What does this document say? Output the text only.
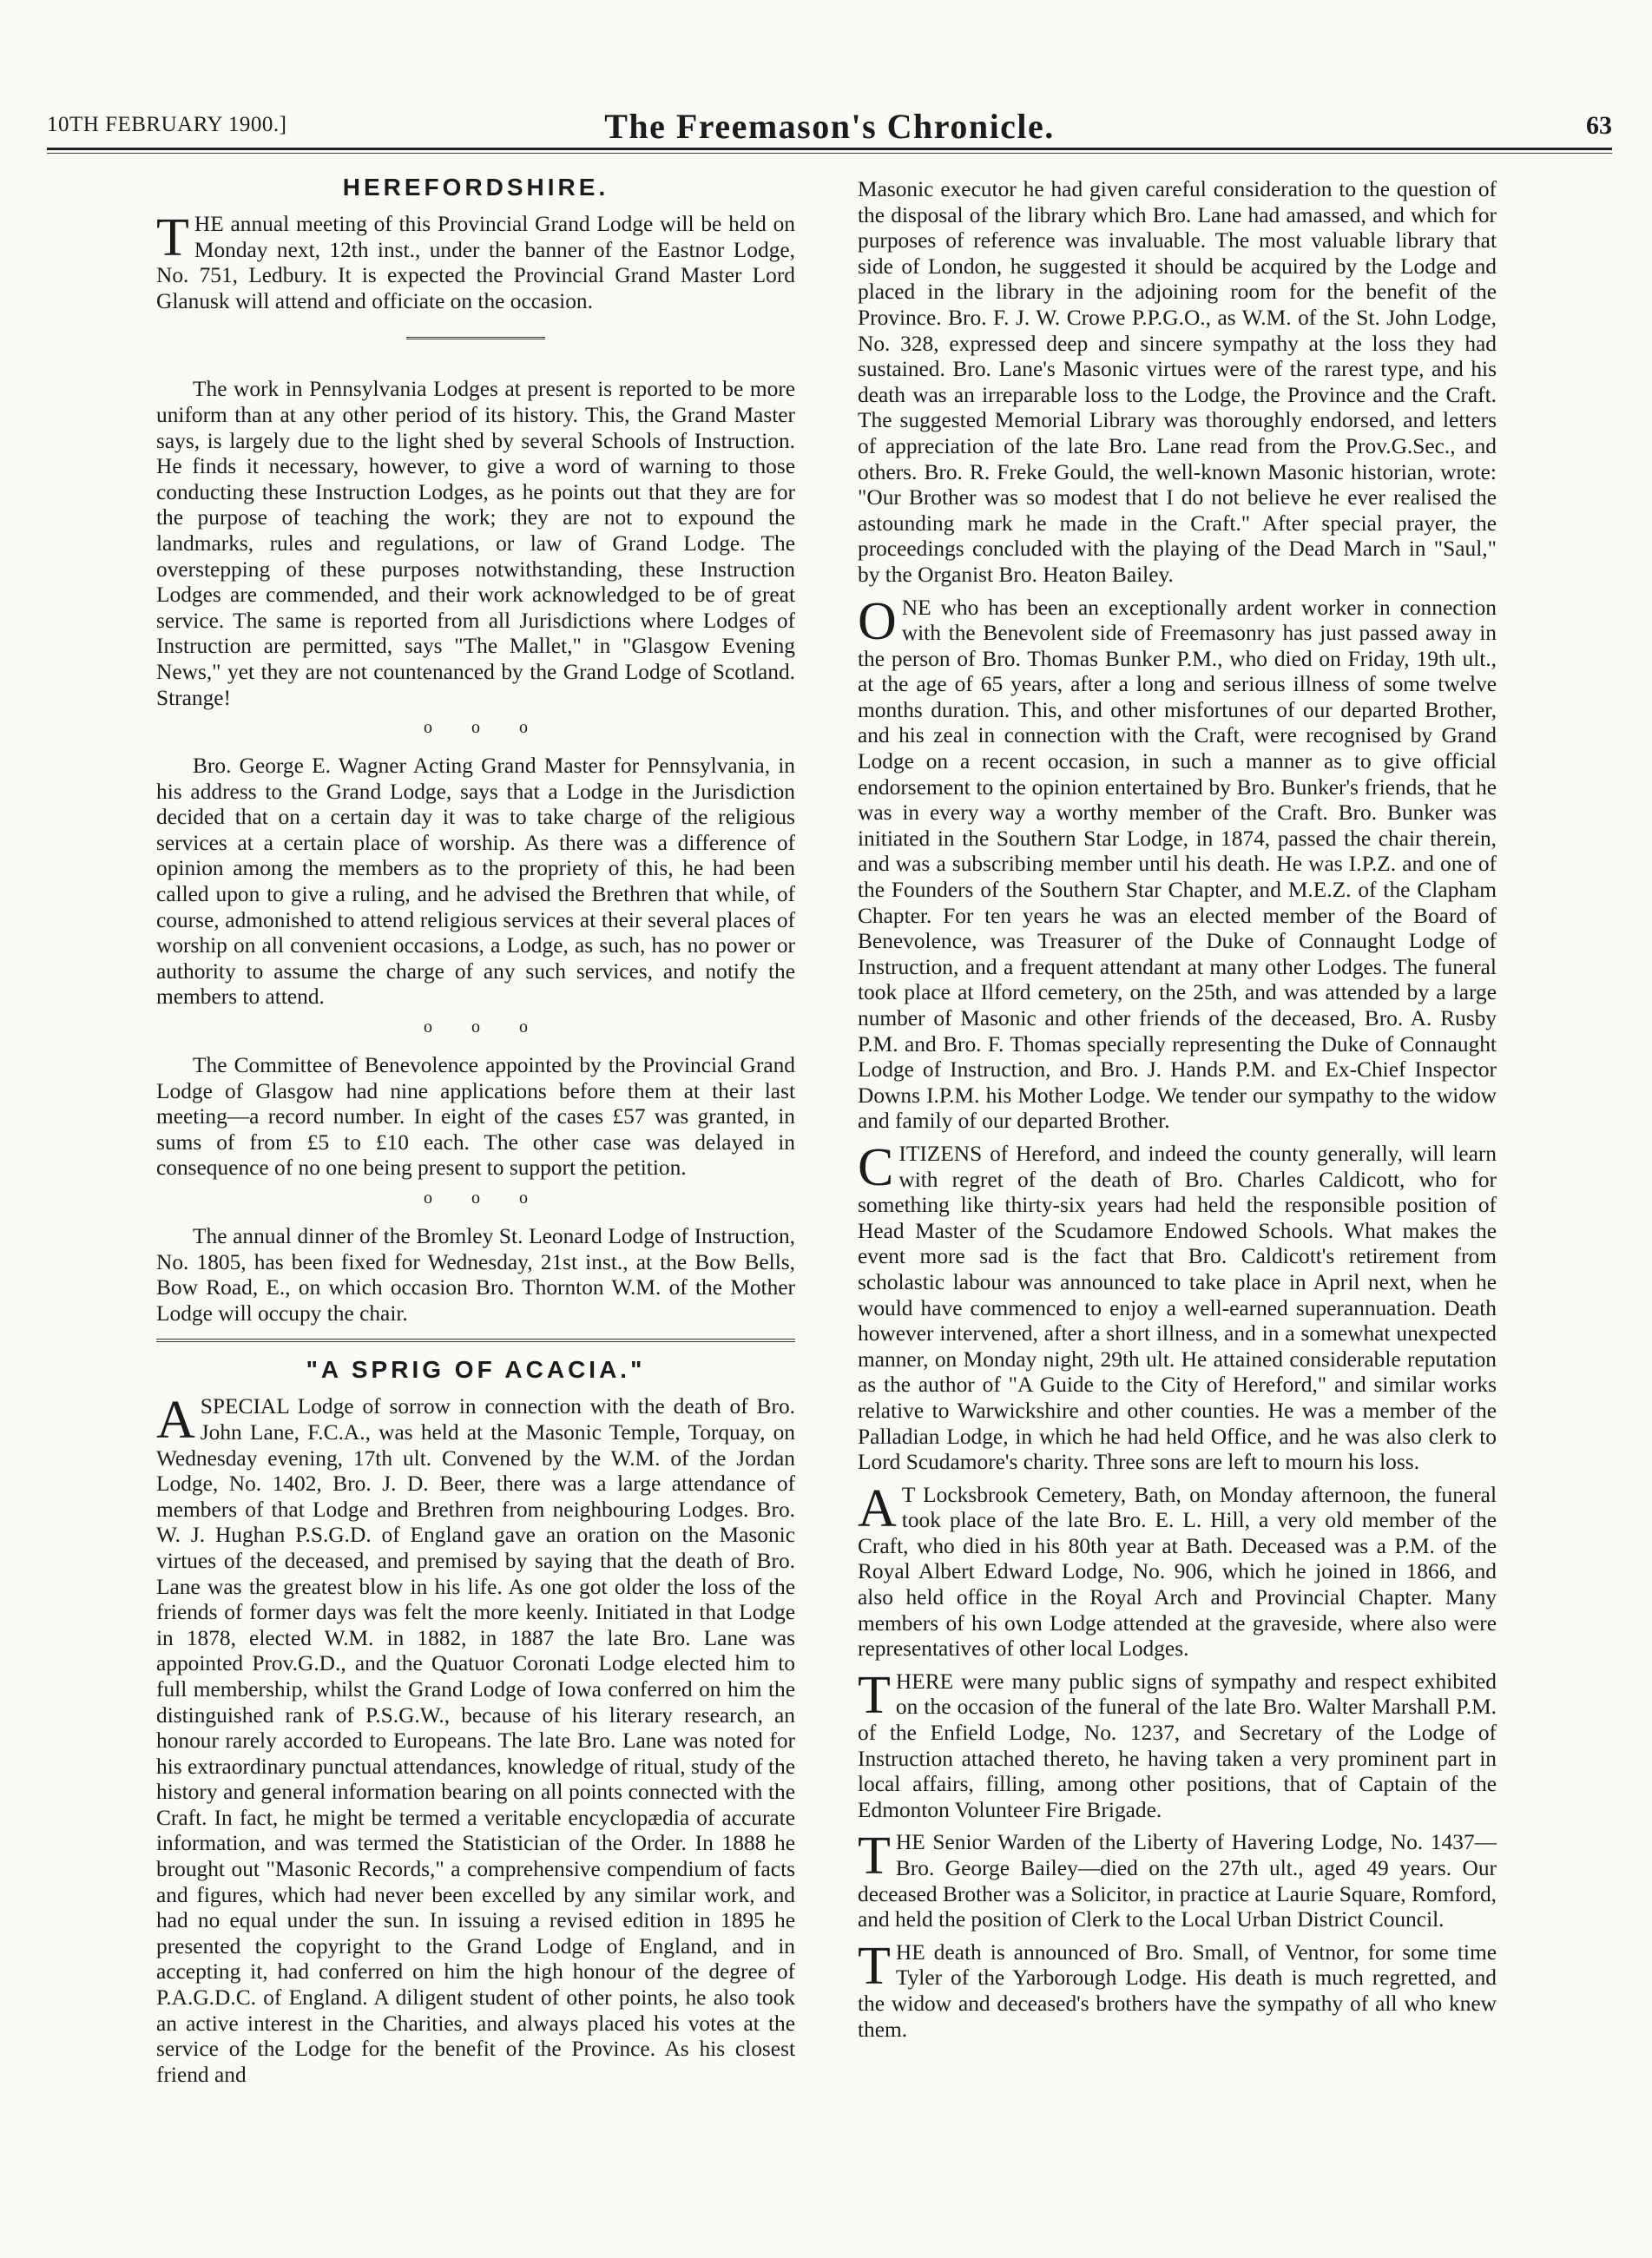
10TH FEBRUARY 1900.]	The Freemason's Chronicle.	63
HEREFORDSHIRE.

THE annual meeting of this Provincial Grand Lodge will be held on Monday next, 12th inst., under the banner of the Eastnor Lodge, No. 751, Ledbury. It is expected the Provincial Grand Master Lord Glanusk will attend and officiate on the occasion.

The work in Pennsylvania Lodges at present is reported to be more uniform than at any other period of its history. This, the Grand Master says, is largely due to the light shed by several Schools of Instruction. He finds it necessary, however, to give a word of warning to those conducting these Instruction Lodges, as he points out that they are for the purpose of teaching the work; they are not to expound the landmarks, rules and regulations, or law of Grand Lodge. The overstepping of these purposes notwithstanding, these Instruction Lodges are commended, and their work acknowledged to be of great service. The same is reported from all Jurisdictions where Lodges of Instruction are permitted, says "The Mallet," in "Glasgow Evening News," yet they are not countenanced by the Grand Lodge of Scotland. Strange!

o o o

Bro. George E. Wagner Acting Grand Master for Pennsylvania, in his address to the Grand Lodge, says that a Lodge in the Jurisdiction decided that on a certain day it was to take charge of the religious services at a certain place of worship. As there was a difference of opinion among the members as to the propriety of this, he had been called upon to give a ruling, and he advised the Brethren that while, of course, admonished to attend religious services at their several places of worship on all convenient occasions, a Lodge, as such, has no power or authority to assume the charge of any such services, and notify the members to attend.

o o o

The Committee of Benevolence appointed by the Provincial Grand Lodge of Glasgow had nine applications before them at their last meeting—a record number. In eight of the cases £57 was granted, in sums of from £5 to £10 each. The other case was delayed in consequence of no one being present to support the petition.

o o o

The annual dinner of the Bromley St. Leonard Lodge of Instruction, No. 1805, has been fixed for Wednesday, 21st inst., at the Bow Bells, Bow Road, E., on which occasion Bro. Thornton W.M. of the Mother Lodge will occupy the chair.

"A SPRIG OF ACACIA."

ASPECIAL Lodge of sorrow in connection with the death of Bro. John Lane, F.C.A., was held at the Masonic Temple, Torquay, on Wednesday evening, 17th ult. Convened by the W.M. of the Jordan Lodge, No. 1402, Bro. J. D. Beer, there was a large attendance of members of that Lodge and Brethren from neighbouring Lodges. Bro. W. J. Hughan P.S.G.D. of England gave an oration on the Masonic virtues of the deceased, and premised by saying that the death of Bro. Lane was the greatest blow in his life. As one got older the loss of the friends of former days was felt the more keenly. Initiated in that Lodge in 1878, elected W.M. in 1882, in 1887 the late Bro. Lane was appointed Prov.G.D., and the Quatuor Coronati Lodge elected him to full membership, whilst the Grand Lodge of Iowa conferred on him the distinguished rank of P.S.G.W., because of his literary research, an honour rarely accorded to Europeans. The late Bro. Lane was noted for his extraordinary punctual attendances, knowledge of ritual, study of the history and general information bearing on all points connected with the Craft. In fact, he might be termed a veritable encyclopædia of accurate information, and was termed the Statistician of the Order. In 1888 he brought out "Masonic Records," a comprehensive compendium of facts and figures, which had never been excelled by any similar work, and had no equal under the sun. In issuing a revised edition in 1895 he presented the copyright to the Grand Lodge of England, and in accepting it, had conferred on him the high honour of the degree of P.A.G.D.C. of England. A diligent student of other points, he also took an active interest in the Charities, and always placed his votes at the service of the Lodge for the benefit of the Province. As his closest friend and

Masonic executor he had given careful consideration to the question of the disposal of the library which Bro. Lane had amassed, and which for purposes of reference was invaluable. The most valuable library that side of London, he suggested it should be acquired by the Lodge and placed in the library in the adjoining room for the benefit of the Province. Bro. F. J. W. Crowe P.P.G.O., as W.M. of the St. John Lodge, No. 328, expressed deep and sincere sympathy at the loss they had sustained. Bro. Lane's Masonic virtues were of the rarest type, and his death was an irreparable loss to the Lodge, the Province and the Craft. The suggested Memorial Library was thoroughly endorsed, and letters of appreciation of the late Bro. Lane read from the Prov.G.Sec., and others. Bro. R. Freke Gould, the well-known Masonic historian, wrote: "Our Brother was so modest that I do not believe he ever realised the astounding mark he made in the Craft." After special prayer, the proceedings concluded with the playing of the Dead March in "Saul," by the Organist Bro. Heaton Bailey.

ONE who has been an exceptionally ardent worker in connection with the Benevolent side of Freemasonry has just passed away in the person of Bro. Thomas Bunker P.M., who died on Friday, 19th ult., at the age of 65 years, after a long and serious illness of some twelve months duration. This, and other misfortunes of our departed Brother, and his zeal in connection with the Craft, were recognised by Grand Lodge on a recent occasion, in such a manner as to give official endorsement to the opinion entertained by Bro. Bunker's friends, that he was in every way a worthy member of the Craft. Bro. Bunker was initiated in the Southern Star Lodge, in 1874, passed the chair therein, and was a subscribing member until his death. He was I.P.Z. and one of the Founders of the Southern Star Chapter, and M.E.Z. of the Clapham Chapter. For ten years he was an elected member of the Board of Benevolence, was Treasurer of the Duke of Connaught Lodge of Instruction, and a frequent attendant at many other Lodges. The funeral took place at Ilford cemetery, on the 25th, and was attended by a large number of Masonic and other friends of the deceased, Bro. A. Rusby P.M. and Bro. F. Thomas specially representing the Duke of Connaught Lodge of Instruction, and Bro. J. Hands P.M. and Ex-Chief Inspector Downs I.P.M. his Mother Lodge. We tender our sympathy to the widow and family of our departed Brother.

CITIZENS of Hereford, and indeed the county generally, will learn with regret of the death of Bro. Charles Caldicott, who for something like thirty-six years had held the responsible position of Head Master of the Scudamore Endowed Schools. What makes the event more sad is the fact that Bro. Caldicott's retirement from scholastic labour was announced to take place in April next, when he would have commenced to enjoy a well-earned superannuation. Death however intervened, after a short illness, and in a somewhat unexpected manner, on Monday night, 29th ult. He attained considerable reputation as the author of "A Guide to the City of Hereford," and similar works relative to Warwickshire and other counties. He was a member of the Palladian Lodge, in which he had held Office, and he was also clerk to Lord Scudamore's charity. Three sons are left to mourn his loss.

A T Locksbrook Cemetery, Bath, on Monday afternoon, the funeral took place of the late Bro. E. L. Hill, a very old member of the Craft, who died in his 80th year at Bath. Deceased was a P.M. of the Royal Albert Edward Lodge, No. 906, which he joined in 1866, and also held office in the Royal Arch and Provincial Chapter. Many members of his own Lodge attended at the graveside, where also were representatives of other local Lodges.

THERE were many public signs of sympathy and respect exhibited on the occasion of the funeral of the late Bro. Walter Marshall P.M. of the Enfield Lodge, No. 1237, and Secretary of the Lodge of Instruction attached thereto, he having taken a very prominent part in local affairs, filling, among other positions, that of Captain of the Edmonton Volunteer Fire Brigade.

THE Senior Warden of the Liberty of Havering Lodge, No. 1437—Bro. George Bailey—died on the 27th ult., aged 49 years. Our deceased Brother was a Solicitor, in practice at Laurie Square, Romford, and held the position of Clerk to the Local Urban District Council.

THE death is announced of Bro. Small, of Ventnor, for some time Tyler of the Yarborough Lodge. His death is much regretted, and the widow and deceased's brothers have the sympathy of all who knew them.
